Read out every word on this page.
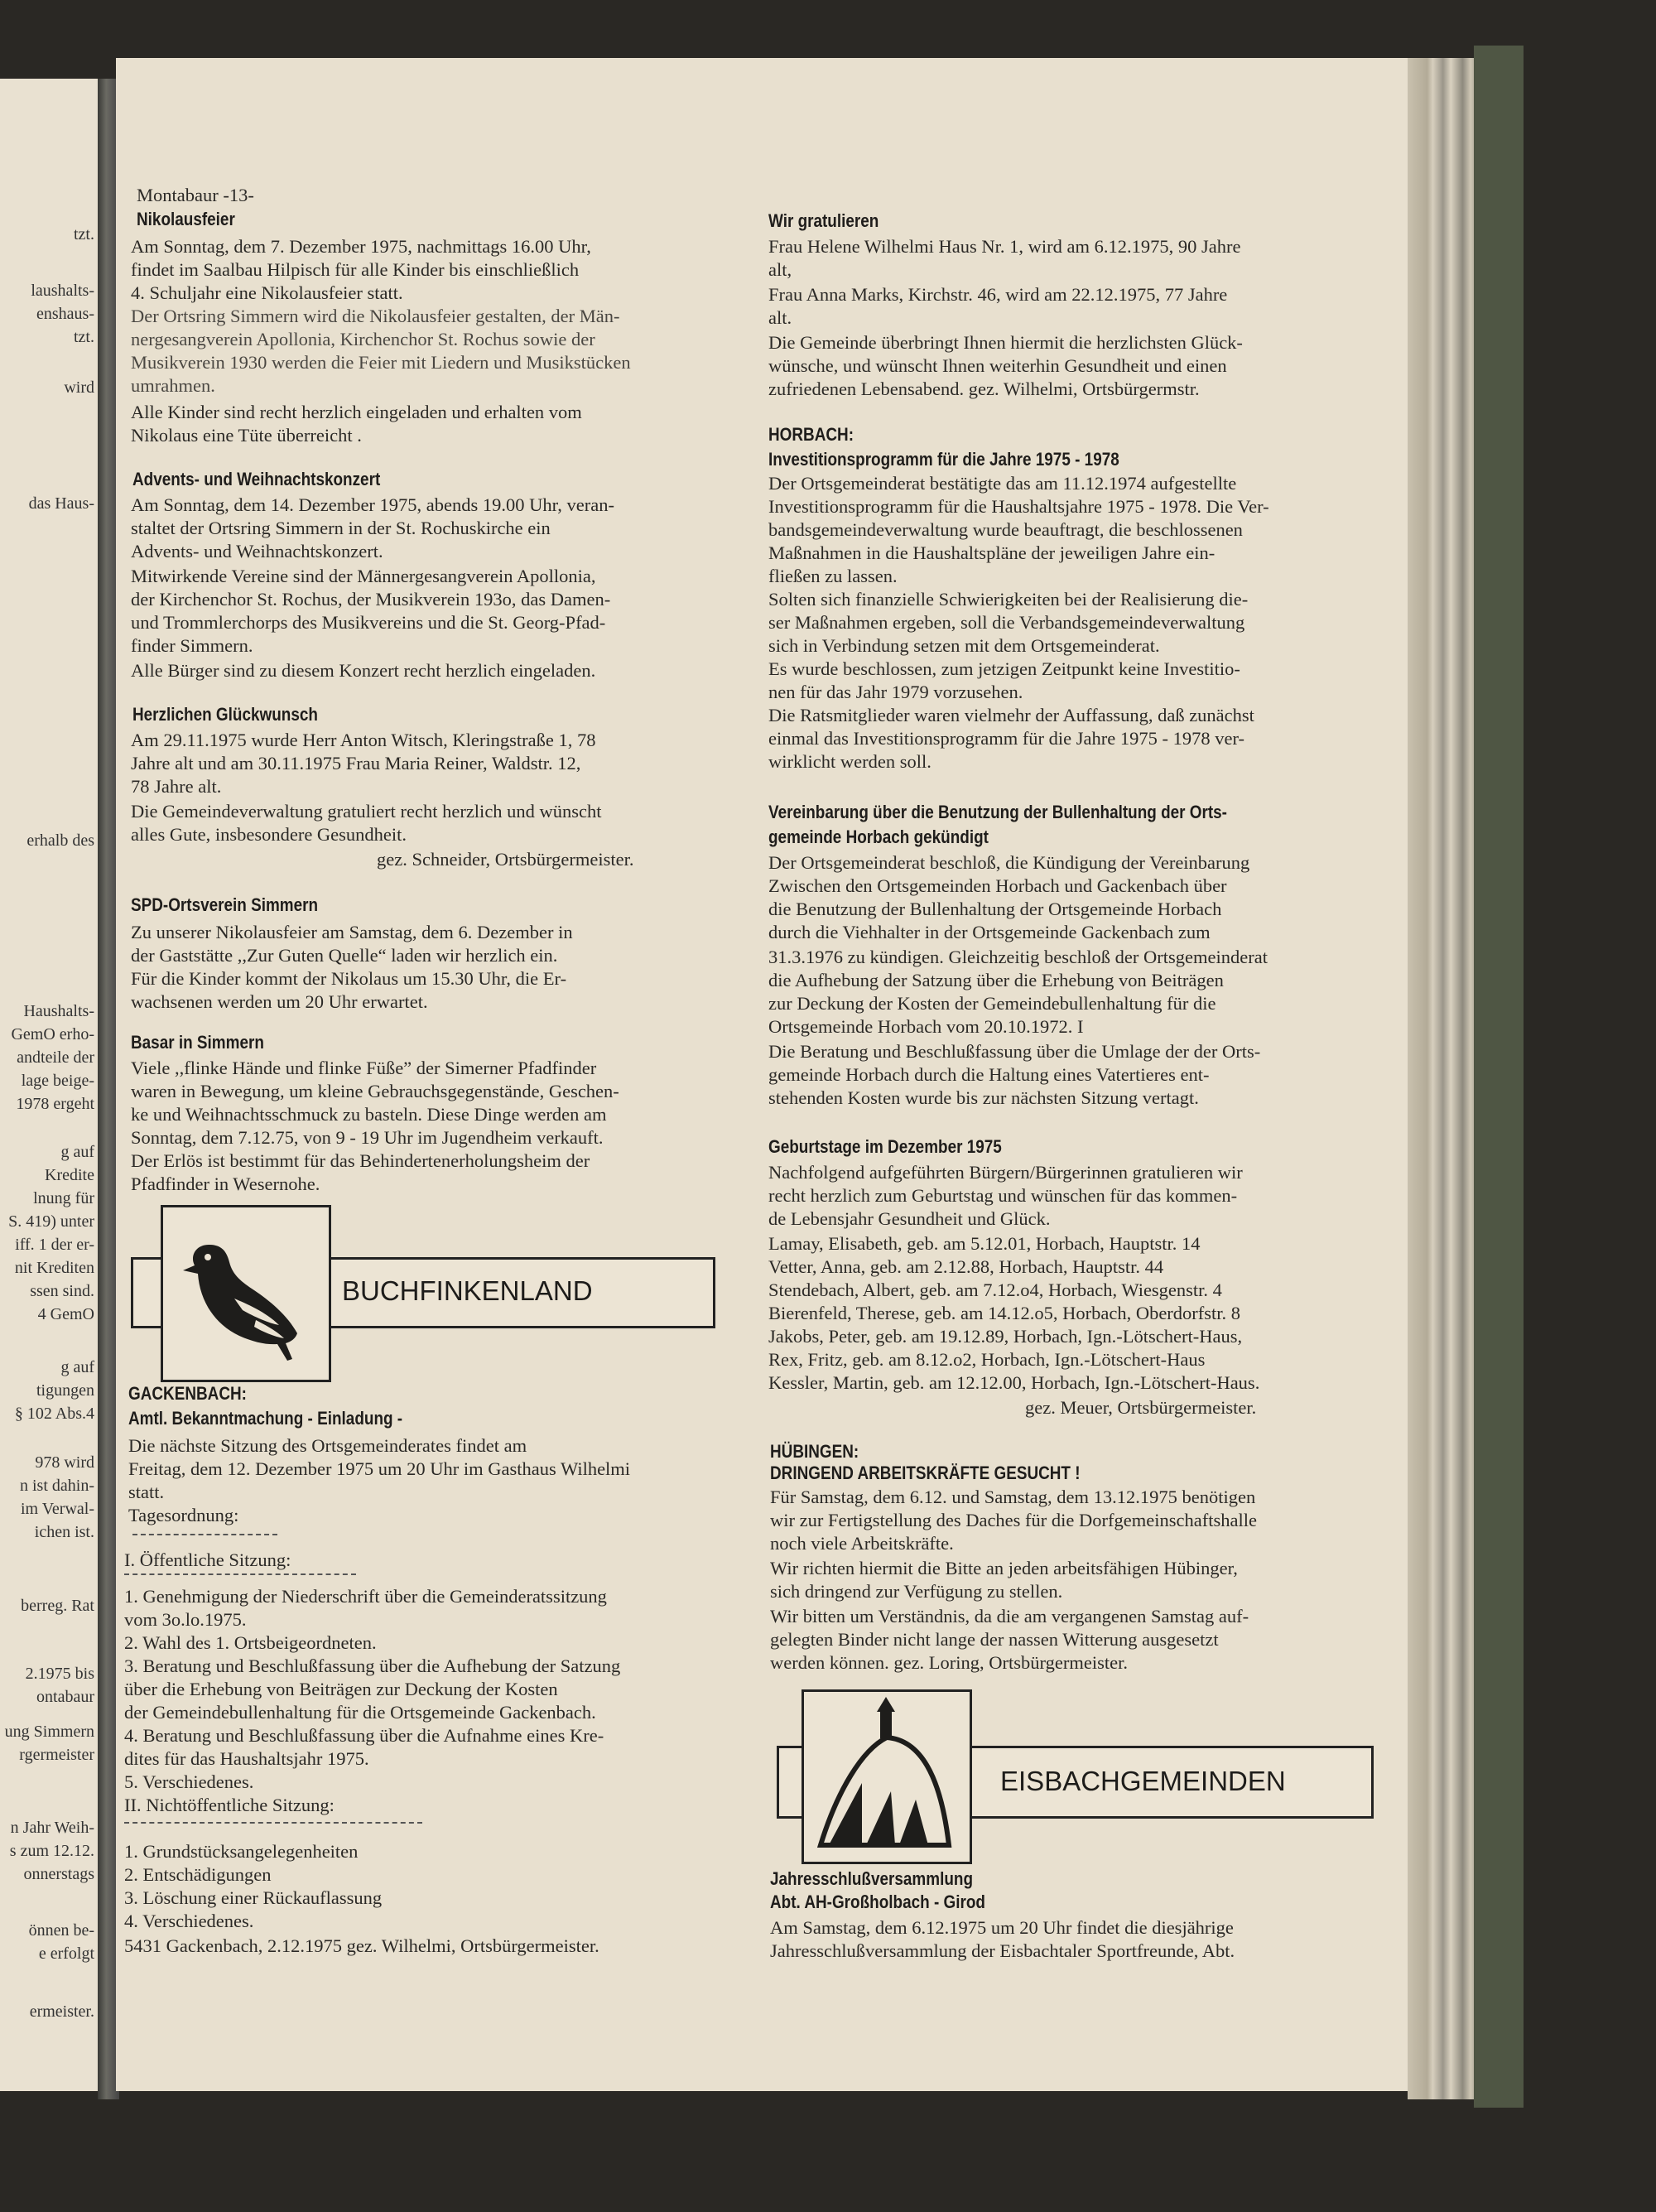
tzt.
laushalts-
enshaus-
tzt.
wird
das Haus-
erhalb des
Haushalts-
GemO erho-
andteile der
lage beige-
1978 ergeht
g auf
Kredite
lnung für
S. 419) unter
iff. 1 der er-
nit Krediten
ssen sind.
4 GemO
g auf
tigungen
§ 102 Abs.4
978 wird
n ist dahin-
im Verwal-
ichen ist.
berreg. Rat
2.1975 bis
ontabaur
ung Simmern
rgermeister
n Jahr Weih-
s zum 12.12.
onnerstags
önnen be-
e erfolgt
ermeister.
Montabaur -13-
Nikolausfeier
Am Sonntag, dem 7. Dezember 1975, nachmittags 16.00 Uhr,
findet im Saalbau Hilpisch für alle Kinder bis einschließlich
4. Schuljahr eine Nikolausfeier statt.
Der Ortsring Simmern wird die Nikolausfeier gestalten, der Män-
nergesangverein Apollonia, Kirchenchor St. Rochus sowie der
Musikverein 1930 werden die Feier mit Liedern und Musikstücken
umrahmen.
Alle Kinder sind recht herzlich eingeladen und erhalten vom
Nikolaus eine Tüte überreicht .
Advents- und Weihnachtskonzert
Am Sonntag, dem 14. Dezember 1975, abends 19.00 Uhr, veran-
staltet der Ortsring Simmern in der St. Rochuskirche ein
Advents- und Weihnachtskonzert.
Mitwirkende Vereine sind der Männergesangverein Apollonia,
der Kirchenchor St. Rochus, der Musikverein 193o, das Damen-
und Trommlerchorps des Musikvereins und die St. Georg-Pfad-
finder Simmern.
Alle Bürger sind zu diesem Konzert recht herzlich eingeladen.
Herzlichen Glückwunsch
Am 29.11.1975 wurde Herr Anton Witsch, Kleringstraße 1, 78
Jahre alt und am 30.11.1975 Frau Maria Reiner, Waldstr. 12,
78 Jahre alt.
Die Gemeindeverwaltung gratuliert recht herzlich und wünscht
alles Gute, insbesondere Gesundheit.
gez. Schneider, Ortsbürgermeister.
SPD-Ortsverein Simmern
Zu unserer Nikolausfeier am Samstag, dem 6. Dezember in
der Gaststätte ,,Zur Guten Quelle“ laden wir herzlich ein.
Für die Kinder kommt der Nikolaus um 15.30 Uhr, die Er-
wachsenen werden um 20 Uhr erwartet.
Basar in Simmern
Viele ,,flinke Hände und flinke Füße” der Simerner Pfadfinder
waren in Bewegung, um kleine Gebrauchsgegenstände, Geschen-
ke und Weihnachtsschmuck zu basteln. Diese Dinge werden am
Sonntag, dem 7.12.75, von 9 - 19 Uhr im Jugendheim verkauft.
Der Erlös ist bestimmt für das Behindertenerholungsheim der
Pfadfinder in Wesernohe.
GACKENBACH:
Amtl. Bekanntmachung - Einladung -
Die nächste Sitzung des Ortsgemeinderates findet am
Freitag, dem 12. Dezember 1975 um 20 Uhr im Gasthaus Wilhelmi
statt.
Tagesordnung:
I. Öffentliche Sitzung:
1. Genehmigung der Niederschrift über die Gemeinderatssitzung
vom 3o.lo.1975.
2. Wahl des 1. Ortsbeigeordneten.
3. Beratung und Beschlußfassung über die Aufhebung der Satzung
über die Erhebung von Beiträgen zur Deckung der Kosten
der Gemeindebullenhaltung für die Ortsgemeinde Gackenbach.
4. Beratung und Beschlußfassung über die Aufnahme eines Kre-
dites für das Haushaltsjahr 1975.
5. Verschiedenes.
II. Nichtöffentliche Sitzung:
1. Grundstücksangelegenheiten
2. Entschädigungen
3. Löschung einer Rückauflassung
4. Verschiedenes.
5431 Gackenbach, 2.12.1975 gez. Wilhelmi, Ortsbürgermeister.
Wir gratulieren
Frau Helene Wilhelmi Haus Nr. 1, wird am 6.12.1975, 90 Jahre
alt,
Frau Anna Marks, Kirchstr. 46, wird am 22.12.1975, 77 Jahre
alt.
Die Gemeinde überbringt Ihnen hiermit die herzlichsten Glück-
wünsche, und wünscht Ihnen weiterhin Gesundheit und einen
zufriedenen Lebensabend. gez. Wilhelmi, Ortsbürgermstr.
HORBACH:
Investitionsprogramm für die Jahre 1975 - 1978
Der Ortsgemeinderat bestätigte das am 11.12.1974 aufgestellte
Investitionsprogramm für die Haushaltsjahre 1975 - 1978. Die Ver-
bandsgemeindeverwaltung wurde beauftragt, die beschlossenen
Maßnahmen in die Haushaltspläne der jeweiligen Jahre ein-
fließen zu lassen.
Solten sich finanzielle Schwierigkeiten bei der Realisierung die-
ser Maßnahmen ergeben, soll die Verbandsgemeindeverwaltung
sich in Verbindung setzen mit dem Ortsgemeinderat.
Es wurde beschlossen, zum jetzigen Zeitpunkt keine Investitio-
nen für das Jahr 1979 vorzusehen.
Die Ratsmitglieder waren vielmehr der Auffassung, daß zunächst
einmal das Investitionsprogramm für die Jahre 1975 - 1978 ver-
wirklicht werden soll.
Vereinbarung über die Benutzung der Bullenhaltung der Orts-
gemeinde Horbach gekündigt
Der Ortsgemeinderat beschloß, die Kündigung der Vereinbarung
Zwischen den Ortsgemeinden Horbach und Gackenbach über
die Benutzung der Bullenhaltung der Ortsgemeinde Horbach
durch die Viehhalter in der Ortsgemeinde Gackenbach zum
31.3.1976 zu kündigen. Gleichzeitig beschloß der Ortsgemeinderat
die Aufhebung der Satzung über die Erhebung von Beiträgen
zur Deckung der Kosten der Gemeindebullenhaltung für die
Ortsgemeinde Horbach vom 20.10.1972. I
Die Beratung und Beschlußfassung über die Umlage der der Orts-
gemeinde Horbach durch die Haltung eines Vatertieres ent-
stehenden Kosten wurde bis zur nächsten Sitzung vertagt.
Geburtstage im Dezember 1975
Nachfolgend aufgeführten Bürgern/Bürgerinnen gratulieren wir
recht herzlich zum Geburtstag und wünschen für das kommen-
de Lebensjahr Gesundheit und Glück.
Lamay, Elisabeth, geb. am 5.12.01, Horbach, Hauptstr. 14
Vetter, Anna, geb. am 2.12.88, Horbach, Hauptstr. 44
Stendebach, Albert, geb. am 7.12.o4, Horbach, Wiesgenstr. 4
Bierenfeld, Therese, geb. am 14.12.o5, Horbach, Oberdorfstr. 8
Jakobs, Peter, geb. am 19.12.89, Horbach, Ign.-Lötschert-Haus,
Rex, Fritz, geb. am 8.12.o2, Horbach, Ign.-Lötschert-Haus
Kessler, Martin, geb. am 12.12.00, Horbach, Ign.-Lötschert-Haus.
gez. Meuer, Ortsbürgermeister.
HÜBINGEN:
DRINGEND ARBEITSKRÄFTE GESUCHT !
Für Samstag, dem 6.12. und Samstag, dem 13.12.1975 benötigen
wir zur Fertigstellung des Daches für die Dorfgemeinschaftshalle
noch viele Arbeitskräfte.
Wir richten hiermit die Bitte an jeden arbeitsfähigen Hübinger,
sich dringend zur Verfügung zu stellen.
Wir bitten um Verständnis, da die am vergangenen Samstag auf-
gelegten Binder nicht lange der nassen Witterung ausgesetzt
werden können. gez. Loring, Ortsbürgermeister.
Jahresschlußversammlung
Abt. AH-Großholbach - Girod
Am Samstag, dem 6.12.1975 um 20 Uhr findet die diesjährige
Jahresschlußversammlung der Eisbachtaler Sportfreunde, Abt.
BUCHFINKENLAND
EISBACHGEMEINDEN
